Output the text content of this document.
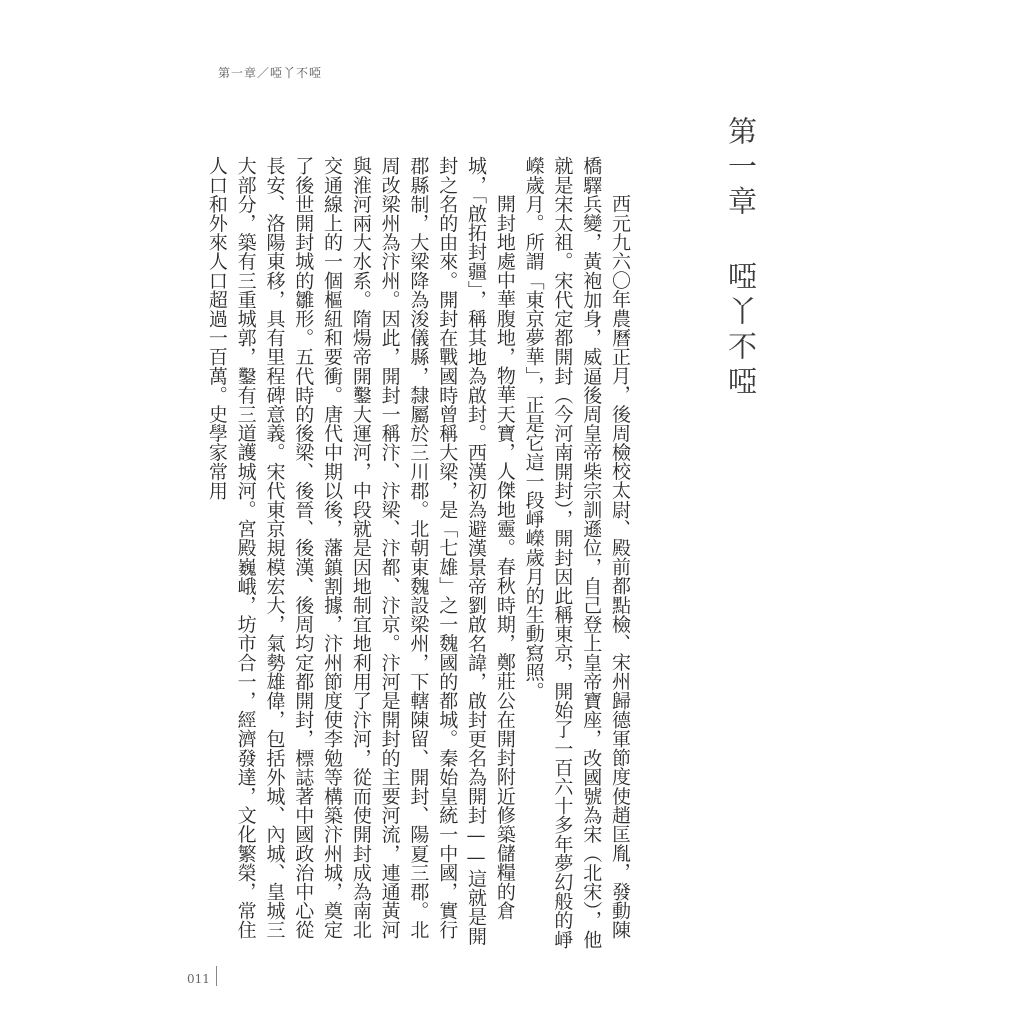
第一章／啞丫不啞
第一章 啞丫不啞

西元九六〇年農曆正月，後周檢校太尉、殿前都點檢、宋州歸德軍節度使趙匡胤，發動陳橋驛兵變，黃袍加身，威逼後周皇帝柴宗訓遜位，自己登上皇帝寶座，改國號為宋（北宋），他就是宋太祖。宋代定都開封（今河南開封），開封因此稱東京，開始了一百六十多年夢幻般的崢嶸歲月。所謂「東京夢華」，正是它這一段崢嶸歲月的生動寫照。

開封地處中華腹地，物華天寶，人傑地靈。春秋時期，鄭莊公在開封附近修築儲糧的倉城，「啟拓封疆」，稱其地為啟封。西漢初為避漢景帝劉啟名諱，啟封更名為開封——這就是開封之名的由來。開封在戰國時曾稱大梁，是「七雄」之一魏國的都城。秦始皇統一中國，實行郡縣制，大梁降為浚儀縣，隸屬於三川郡。北朝東魏設梁州，下轄陳留、開封、陽夏三郡。北周改梁州為汴州。因此，開封一稱汴、汴梁、汴都、汴京。汴河是開封的主要河流，連通黃河與淮河兩大水系。隋煬帝開鑿大運河，中段就是因地制宜地利用了汴河，從而使開封成為南北交通線上的一個樞紐和要衝。唐代中期以後，藩鎮割據，汴州節度使李勉等構築汴州城，奠定了後世開封城的雛形。五代時的後梁、後晉、後漢、後周均定都開封，標誌著中國政治中心從長安、洛陽東移，具有里程碑意義。宋代東京規模宏大，氣勢雄偉，包括外城、內城、皇城三大部分，築有三重城郭，鑿有三道護城河。宮殿巍峨，坊市合一，經濟發達，文化繁榮，常住人口和外來人口超過一百萬。史學家常用

011
